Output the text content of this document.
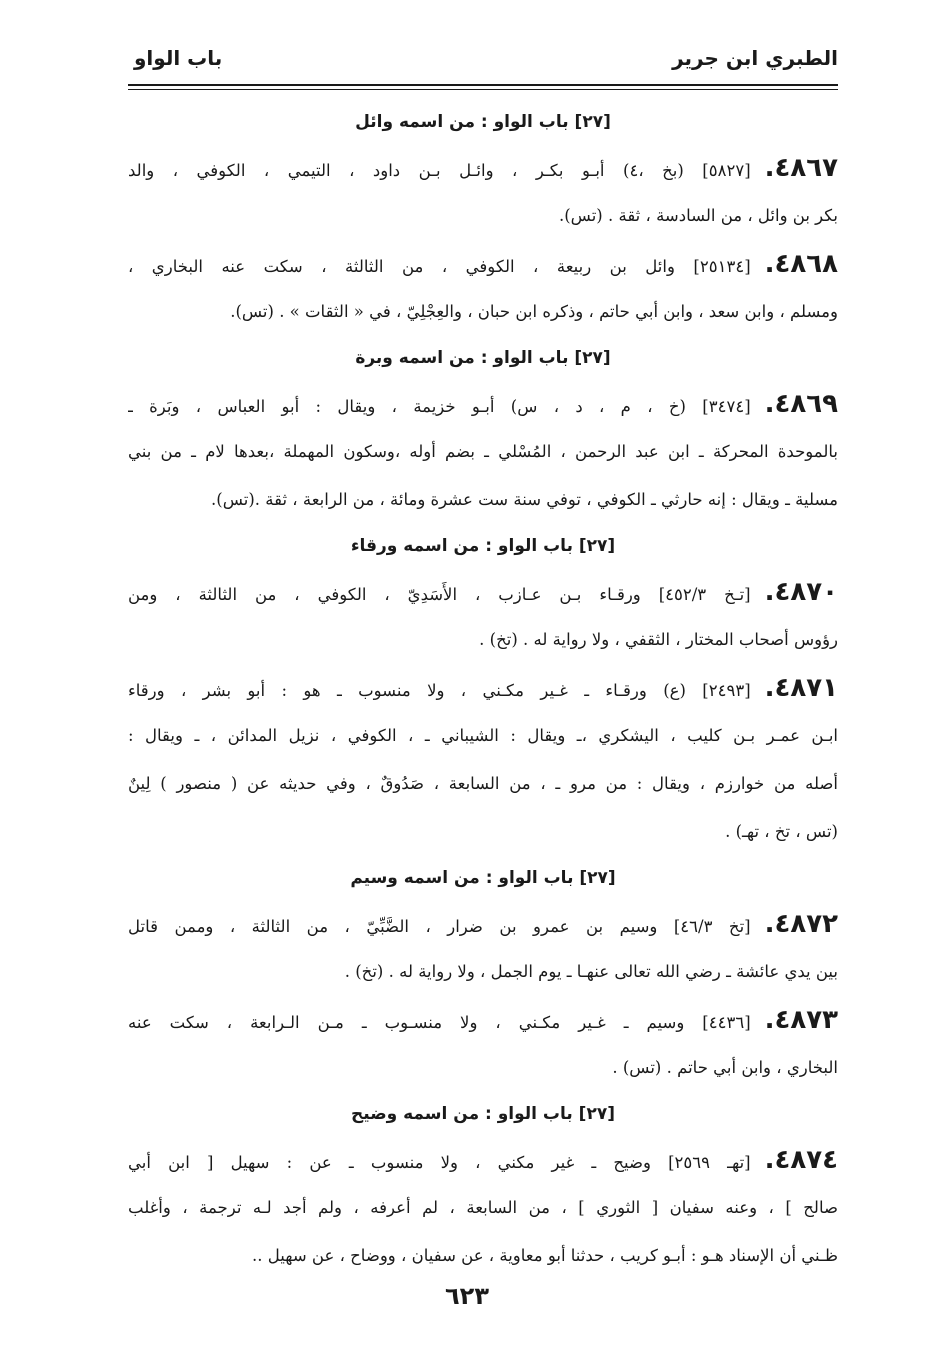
الطبري ابن جرير
باب الواو
[٢٧] باب الواو : من اسمه وائل
٤٨٦٧.[٥٨٢٧] (بخ ،٤) أبـو بكـر ، وائـل بـن داود ، التيمي ، الكوفي ، والد
بكر بن وائل ، من السادسة ، ثقة . (تس).
٤٨٦٨.[٢٥١٣٤] وائل بن ربيعة ، الكوفي ، من الثالثة ، سكت عنه البخاري ،
ومسلم ، وابن سعد ، وابن أبي حاتم ، وذكره ابن حبان ، والعِجْلِيّ ، في « الثقات » . (تس).
[٢٧] باب الواو : من اسمه وبرة
٤٨٦٩.[٣٤٧٤] (خ ، م ، د ، س) أبـو خزيمة ، ويقال : أبو العباس ، وبَرة ـ
بالموحدة المحركة ـ ابن عبد الرحمن ، المُسْلي ـ بضم أوله ،وسكون المهملة ،بعدها لام ـ من بني
مسلية ـ ويقال : إنه حارثي ـ الكوفي ، توفي سنة ست عشرة ومائة ، من الرابعة ، ثقة .(تس).
[٢٧] باب الواو : من اسمه ورقاء
٤٨٧٠.[تـخ ٤٥٢/٣] ورقـاء بـن عـازب ، الأَسَدِيّ ، الكوفي ، من الثالثة ، ومن
رؤوس أصحاب المختار ، الثقفي ، ولا رواية له . (تخ) .
٤٨٧١.[٢٤٩٣] (ع) ورقـاء ـ غـير مكـني ، ولا منسوب ـ هو : أبو بشر ، ورقاء
ابـن عمـر بـن كليب ، اليشكري ،ـ ويقال : الشيباني ـ ، الكوفي ، نزيل المدائن ، ـ ويقال :
أصله من خوارزم ، ويقال : من مرو ـ ، من السابعة ، صَدُوقٌ ، وفي حديثه عن ( منصور ) لِينٌ
(تس ، تخ ، تهـ) .
[٢٧] باب الواو : من اسمه وسيم
٤٨٧٢.[تخ ٤٦/٣] وسيم بن عمرو بن ضرار ، الضَّبِّيّ ، من الثالثة ، وممن قاتل
بين يدي عائشة ـ رضي الله تعالى عنهـا ـ يوم الجمل ، ولا رواية له . (تخ) .
٤٨٧٣.[٤٤٣٦] وسيم ـ غـير مكـني ، ولا منسـوب ـ مـن الـرابعة ، سكت عنه
البخاري ، وابن أبي حاتم . (تس) .
[٢٧] باب الواو : من اسمه وضيح
٤٨٧٤.[تهـ ٢٥٦٩] وضيح ـ غير مكني ، ولا منسوب ـ عن : سهيل [ ابن أبي
صالح ] ، وعنه سفيان [ الثوري ] ، من السابعة ، لم أعرفه ، ولم أجد لـه ترجمة ، وأغلب
ظـني أن الإسناد هـو : أبـو كريب ، حدثنا أبو معاوية ، عن سفيان ، ووضاح ، عن سهيل ..
٦٢٣
